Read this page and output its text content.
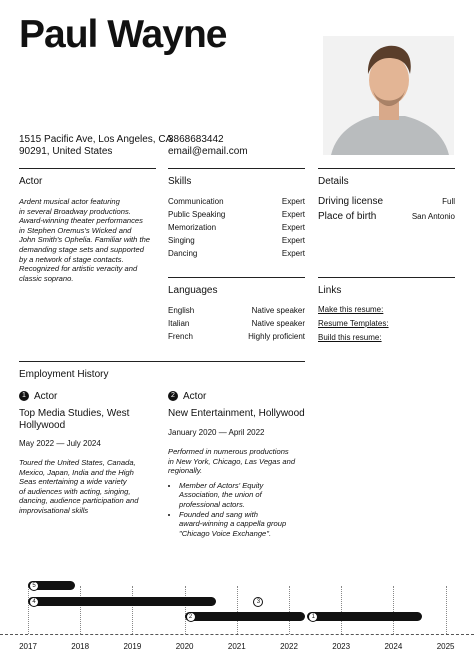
Paul Wayne
1515 Pacific Ave, Los Angeles, CA
90291, United States
3868683442
email@email.com
Actor
Ardent musical actor featuring
in several Broadway productions.
Award-winning theater performances
in Stephen Oremus's Wicked and
John Smith's Ophelia. Familiar with the
demanding stage sets and supported
by a network of stage contacts.
Recognized for artistic veracity and
classic soprano.
Skills
Communication	Expert
Public Speaking	Expert
Memorization	Expert
Singing	Expert
Dancing	Expert
Details
Driving license	Full
Place of birth	San Antonio
Languages
English	Native speaker
Italian	Native speaker
French	Highly proficient
Links
Make this resume:
Resume Templates:
Build this resume:
Employment History
1 Actor
Top Media Studies, West
Hollywood
May 2022 — July 2024
Toured the United States, Canada,
Mexico, Japan, India and the High
Seas entertaining a wide variety
of audiences with acting, singing,
dancing, audience participation and
improvisational skills
2 Actor
New Entertainment, Hollywood
January 2020 — April 2022
Performed in numerous productions
in New York, Chicago, Las Vegas and
regionally.
• Member of Actors' Equity
Association, the union of
professional actors.
• Founded and sang with
award-winning a cappella group
"Chicago Voice Exchange".
2017	2018	2019	2020	2021	2022	2023	2024	2025
5
4	3
2	1
